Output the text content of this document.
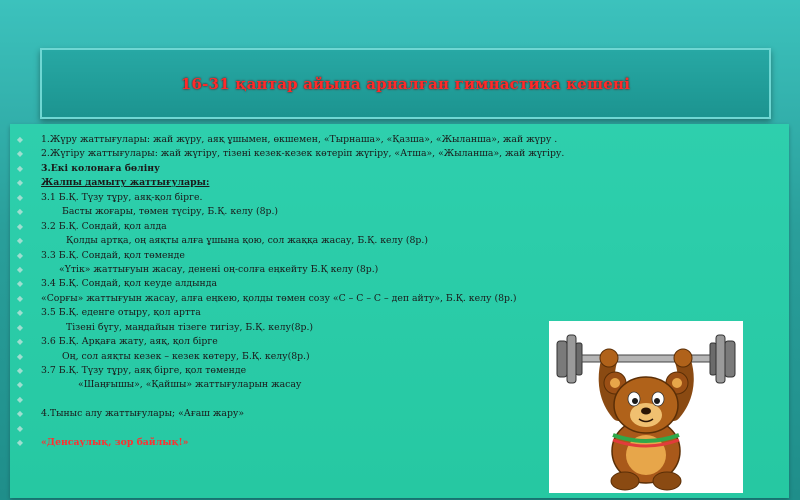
16-31 қантар айына арналған гимнастика кешені
◆ 1.Жүру жаттығулары: жай жүру, аяқ ұшымен, өкшемен, «Тырнаша», «Қазша», «Жыланша», жай жүру .
◆ 2.Жүгіру жаттығулары: жай жүгіру, тізені кезек-кезек көтеріп жүгіру, «Атша», «Жыланша», жай жүгіру.
◆ 3.Екі колонаға бөліну
◆ Жалпы дамыту жаттығулары:
◆ 3.1 Б.Қ. Түзу тұру, аяқ-қол бірге.
◆	Басты жоғары, төмен түсіру, Б.Қ. келу (8р.)
◆ 3.2 Б.Қ. Сондай, қол алда
◆	Қолды артқа, оң аяқты алға ұшына қою, сол жаққа жасау, Б.Қ. келу (8р.)
◆ 3.3 Б.Қ. Сондай, қол төменде
◆	«Үтік» жаттығуын жасау, денені оң-солға еңкейту Б.Қ келу (8р.)
◆ 3.4 Б.Қ. Сондай, қол кеуде алдында
◆ «Сорғы» жаттығуын жасау, алға еңкею, қолды төмен созу «С – С – С – деп айту», Б.Қ. келу (8р.)
◆ 3.5 Б.Қ. еденге отыру, қол артта
◆	Тізені бүгу, маңдайын тізеге тигізу, Б.Қ. келу(8р.)
◆ 3.6 Б.Қ. Арқаға жату, аяқ, қол бірге
◆	Оң, сол аяқты кезек – кезек көтеру, Б.Қ. келу(8р.)
◆ 3.7 Б.Қ. Түзу тұру, аяқ бірге, қол төменде
◆	«Шаңғышы», «Қайшы» жаттығуларын жасау
◆
◆ 4.Тыныс алу жаттығулары; «Ағаш жару»
◆
◆ «Денсаулық, зор байлық!»
